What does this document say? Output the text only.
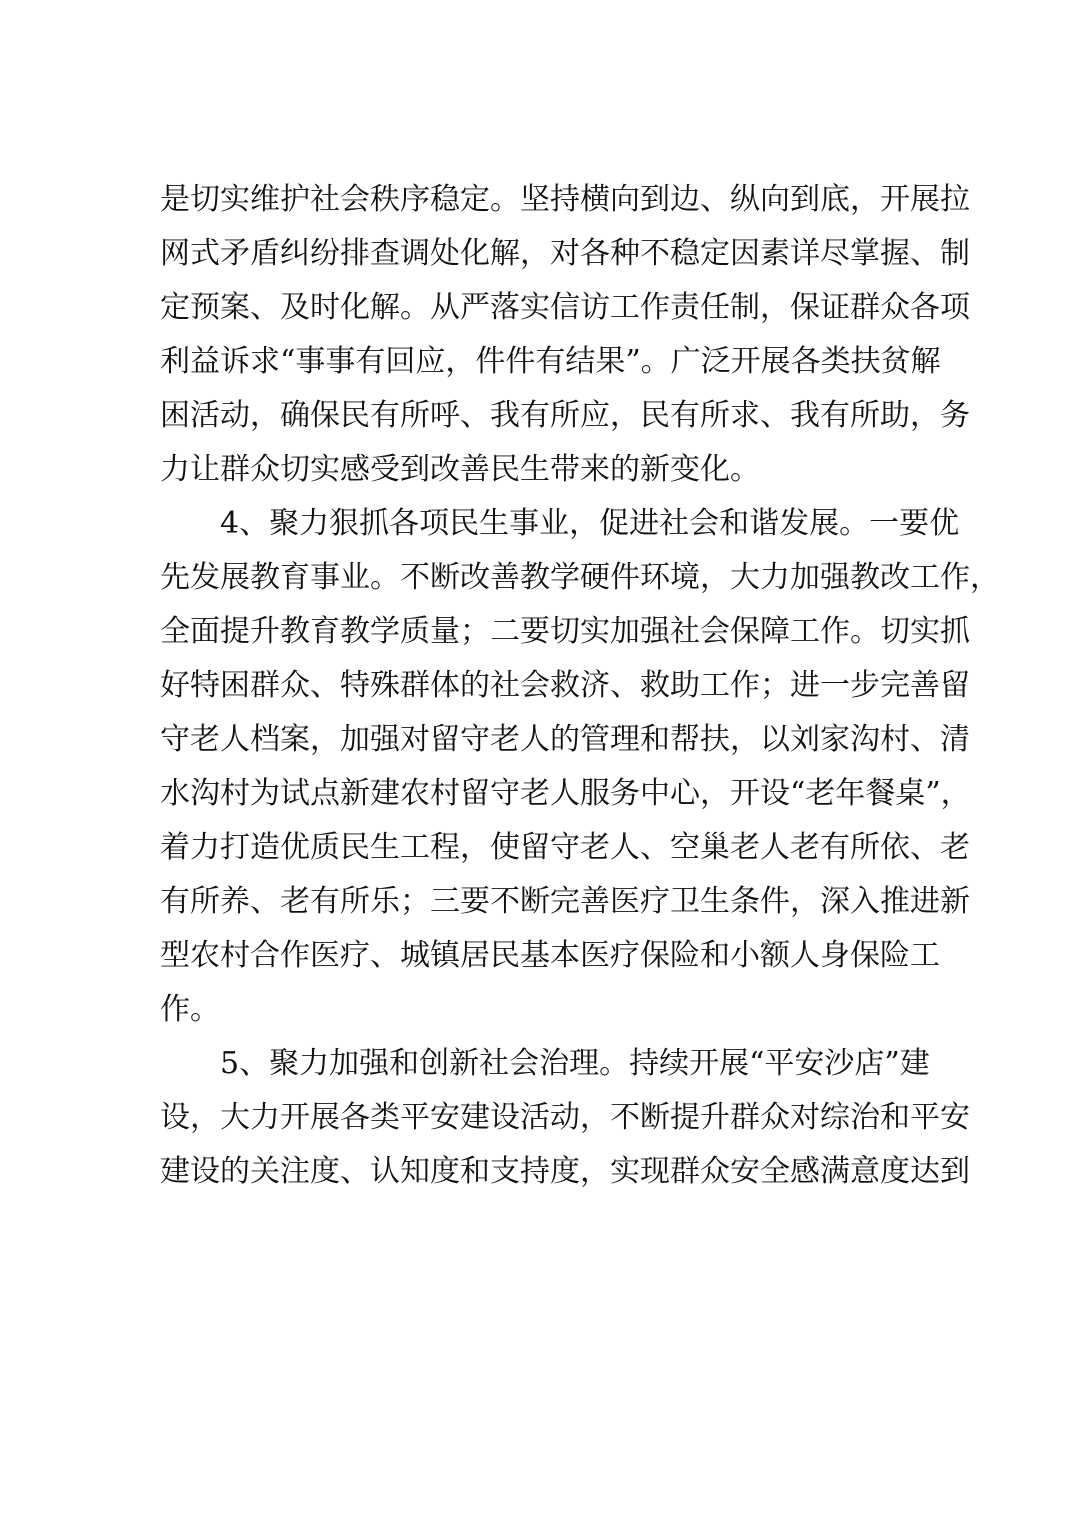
是切实维护社会秩序稳定。坚持横向到边、纵向到底，开展拉
网式矛盾纠纷排查调处化解，对各种不稳定因素详尽掌握、制
定预案、及时化解。从严落实信访工作责任制，保证群众各项
利益诉求“事事有回应，件件有结果”。广泛开展各类扶贫解
困活动，确保民有所呼、我有所应，民有所求、我有所助，务
力让群众切实感受到改善民生带来的新变化。
4、聚力狠抓各项民生事业，促进社会和谐发展。一要优
先发展教育事业。不断改善教学硬件环境，大力加强教改工作，
全面提升教育教学质量；二要切实加强社会保障工作。切实抓
好特困群众、特殊群体的社会救济、救助工作；进一步完善留
守老人档案，加强对留守老人的管理和帮扶，以刘家沟村、清
水沟村为试点新建农村留守老人服务中心，开设“老年餐桌”，
着力打造优质民生工程，使留守老人、空巢老人老有所依、老
有所养、老有所乐；三要不断完善医疗卫生条件，深入推进新
型农村合作医疗、城镇居民基本医疗保险和小额人身保险工
作。
5、聚力加强和创新社会治理。持续开展“平安沙店”建
设，大力开展各类平安建设活动，不断提升群众对综治和平安
建设的关注度、认知度和支持度，实现群众安全感满意度达到
